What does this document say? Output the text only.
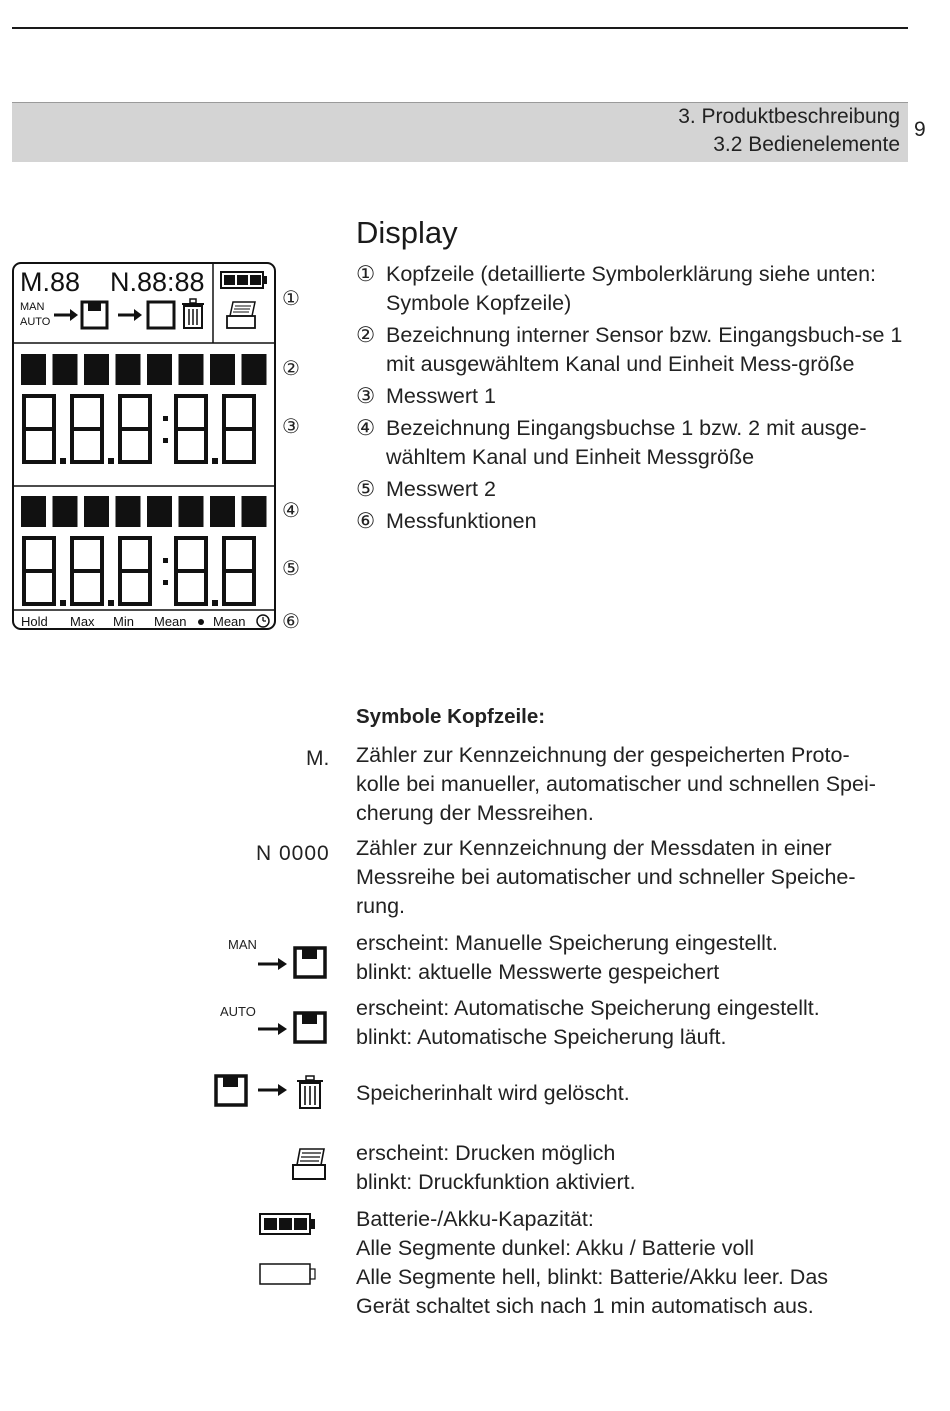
3. Produktbeschreibung
3.2 Bedienelemente
9
Display
① Kopfzeile (detaillierte Symbolerklärung siehe unten: Symbole Kopfzeile)
② Bezeichnung interner Sensor bzw. Eingangsbuch-se 1 mit ausgewähltem Kanal und Einheit Mess-größe
③ Messwert 1
④ Bezeichnung Eingangsbuchse 1 bzw. 2 mit ausge-wähltem Kanal und Einheit Messgröße
⑤ Messwert 2
⑥ Messfunktionen
M.88 N.88:88
MAN
AUTO
Hold Max Min Mean Mean
①
②
③
④
⑤
⑥
Symbole Kopfzeile:
M. Zähler zur Kennzeichnung der gespeicherten Proto-
kolle bei manueller, automatischer und schnellen Spei-
cherung der Messreihen.
N 0000 Zähler zur Kennzeichnung der Messdaten in einer
Messreihe bei automatischer und schneller Speiche-
rung.
MAN	erscheint: Manuelle Speicherung eingestellt.
blinkt: aktuelle Messwerte gespeichert
AUTO	erscheint: Automatische Speicherung eingestellt.
blinkt: Automatische Speicherung läuft.
Speicherinhalt wird gelöscht.
erscheint: Drucken möglich
blinkt: Druckfunktion aktiviert.
Batterie-/Akku-Kapazität:
Alle Segmente dunkel: Akku / Batterie voll
Alle Segmente hell, blinkt: Batterie/Akku leer. Das
Gerät schaltet sich nach 1 min automatisch aus.
